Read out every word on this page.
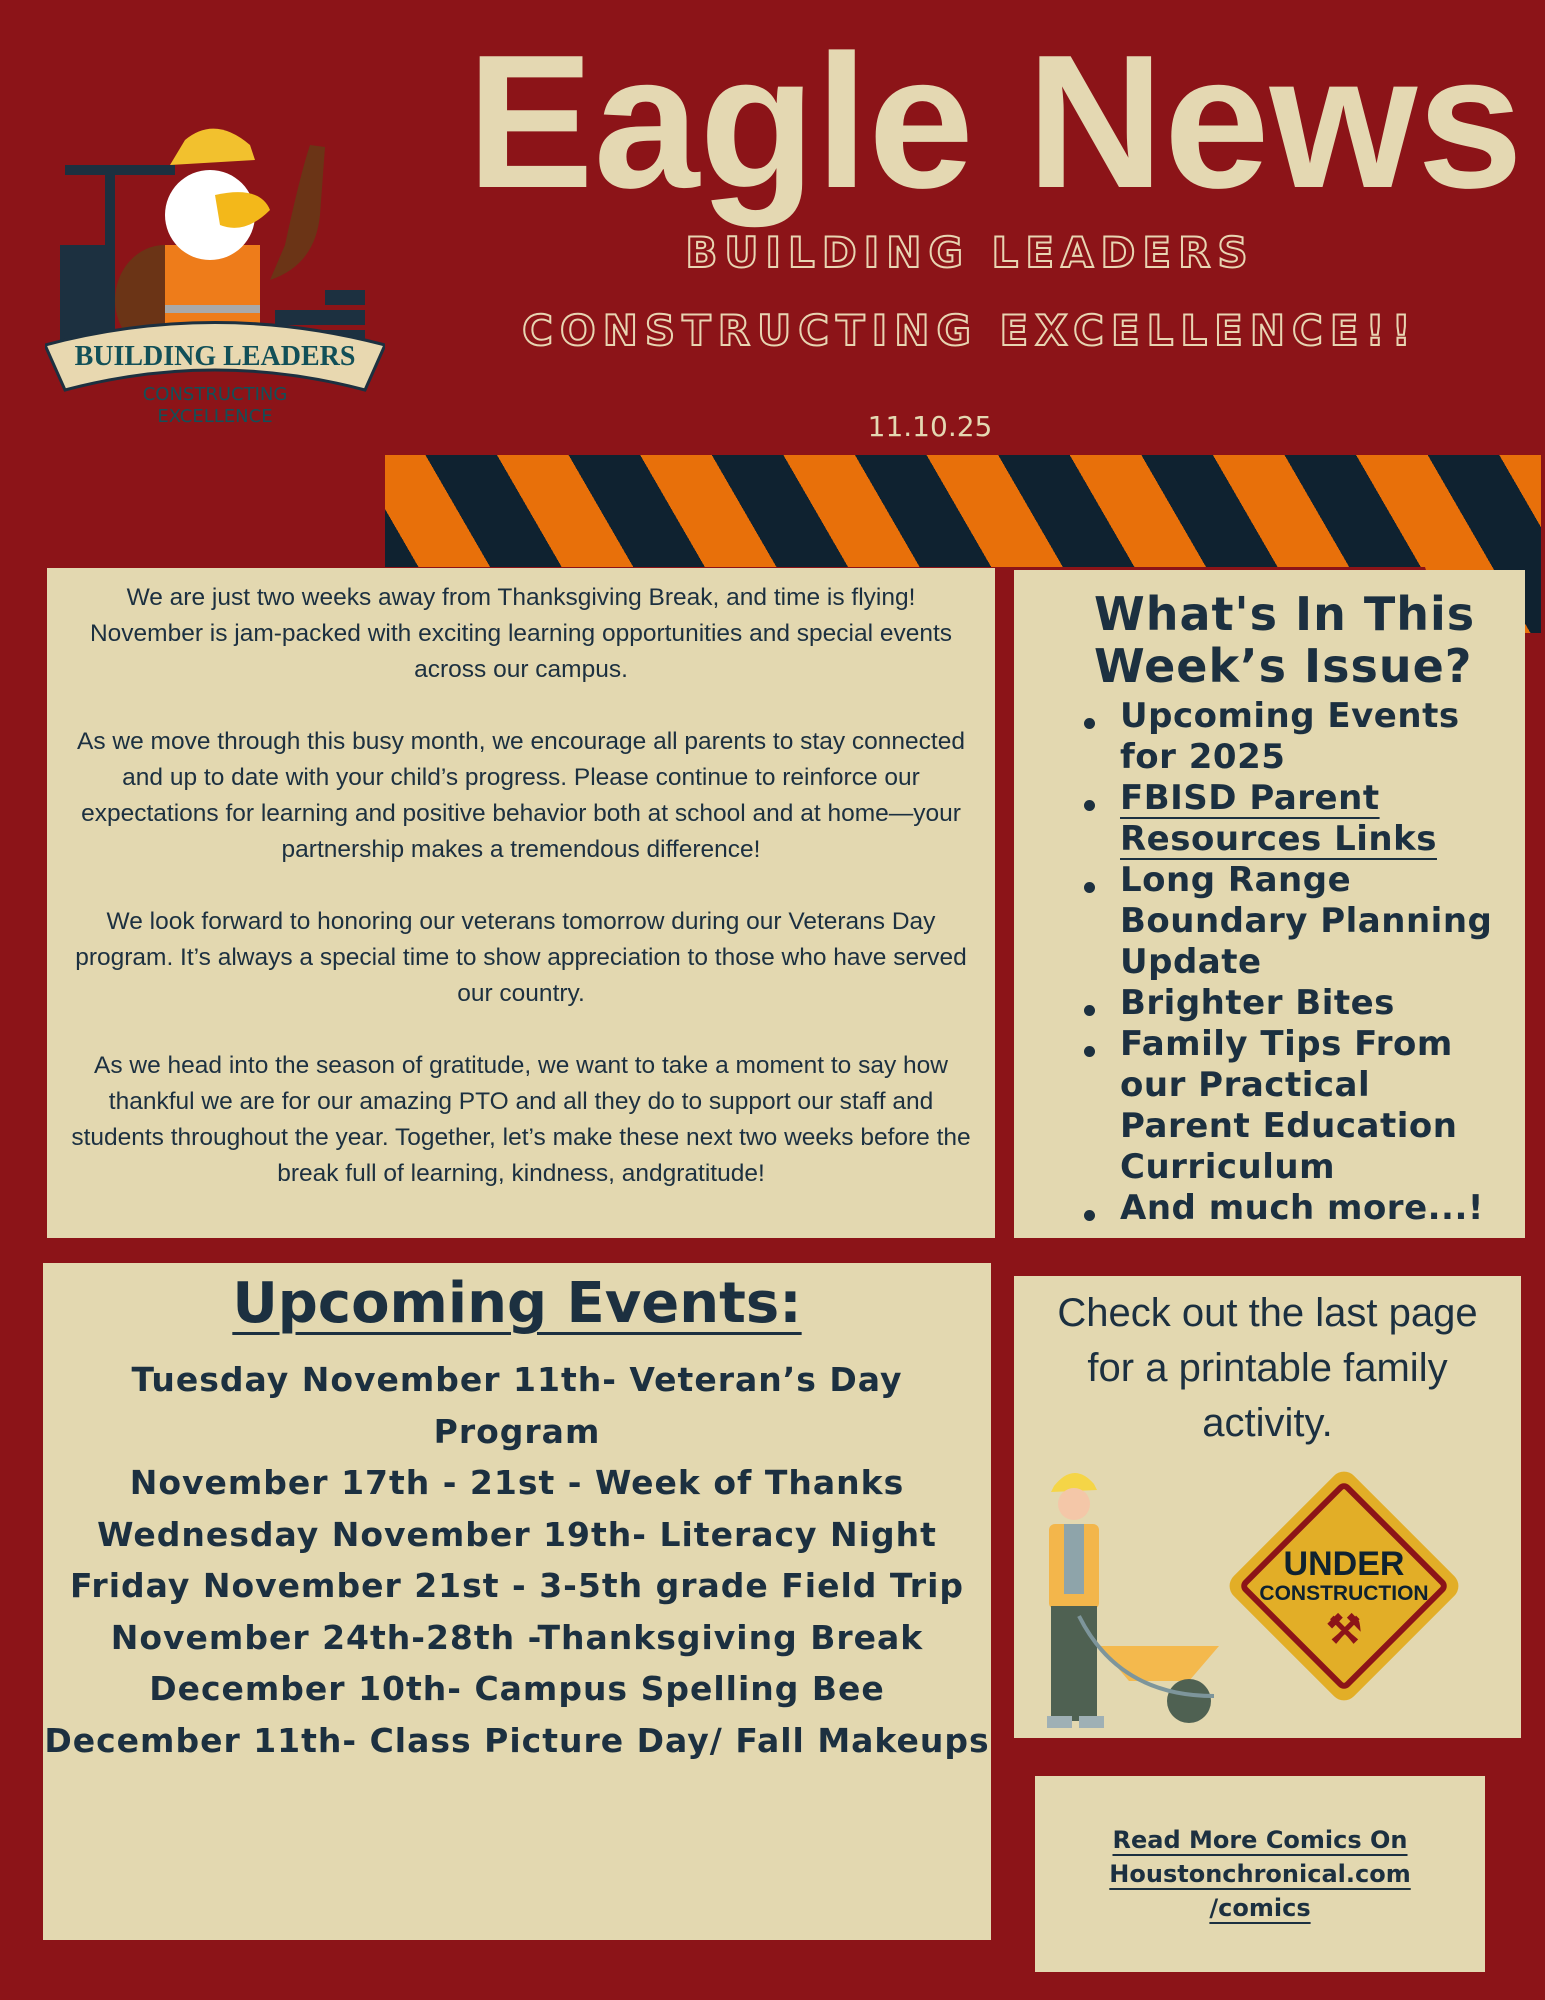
BUILDING LEADERS
CONSTRUCTING
EXCELLENCE
Eagle News
BUILDING LEADERS
CONSTRUCTING EXCELLENCE!!
11.10.25

We are just two weeks away from Thanksgiving Break, and time is flying! November is jam-packed with exciting learning opportunities and special events across our campus.

As we move through this busy month, we encourage all parents to stay connected and up to date with your child’s progress. Please continue to reinforce our expectations for learning and positive behavior both at school and at home—your partnership makes a tremendous difference!

We look forward to honoring our veterans tomorrow during our Veterans Day program. It’s always a special time to show appreciation to those who have served our country.

As we head into the season of gratitude, we want to take a moment to say how thankful we are for our amazing PTO and all they do to support our staff and students throughout the year. Together, let’s make these next two weeks before the break full of learning, kindness, andgratitude!

What's In This Week’s Issue?
Upcoming Events for 2025
FBISD Parent Resources Links
Long Range Boundary Planning Update
Brighter Bites
Family Tips From our Practical Parent Education Curriculum
And much more...!
Upcoming Events:
Tuesday November 11th- Veteran’s Day Program
November 17th - 21st - Week of Thanks
Wednesday November 19th- Literacy Night
Friday November 21st - 3-5th grade Field Trip
November 24th-28th -Thanksgiving Break
December 10th- Campus Spelling Bee
December 11th- Class Picture Day/ Fall Makeups
Check out the last page for a printable family activity.
UNDER
CONSTRUCTION
⚒
Read More Comics On
Houstonchronical.com
/comics
